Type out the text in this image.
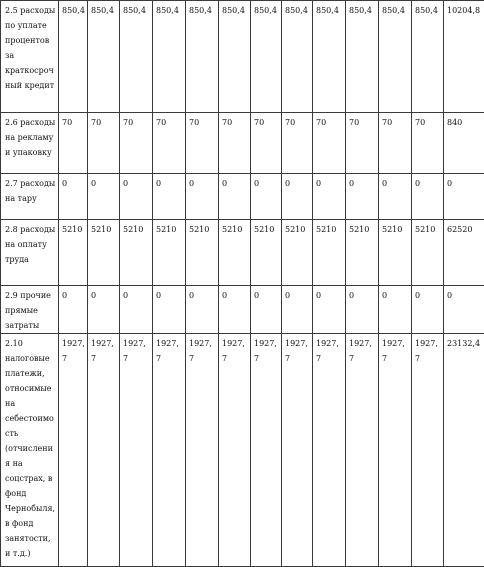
2.5 расходы по уплате процентов за краткосрочный кредит	850,4	850,4	850,4	850,4	850,4	850,4	850,4	850,4	850,4	850,4	850,4	850,4	10204,8

2.6 расходы на рекламу и упаковку	70	70	70	70	70	70	70	70	70	70	70	70	840

2.7 расходы на тару	0	0	0	0	0	0	0	0	0	0	0	0	0

2.8 расходы на оплату труда	5210	5210	5210	5210	5210	5210	5210	5210	5210	5210	5210	5210	62520

2.9 прочие прямые затраты	0	0	0	0	0	0	0	0	0	0	0	0	0

2.10 налоговые платежи, относимые на себестоимость (отчисления на соцстрах, в фонд Чернобыля, в фонд занятости, и т.д.)	1927,7	1927,7	1927,7	1927,7	1927,7	1927,7	1927,7	1927,7	1927,7	1927,7	1927,7	1927,7	23132,4
